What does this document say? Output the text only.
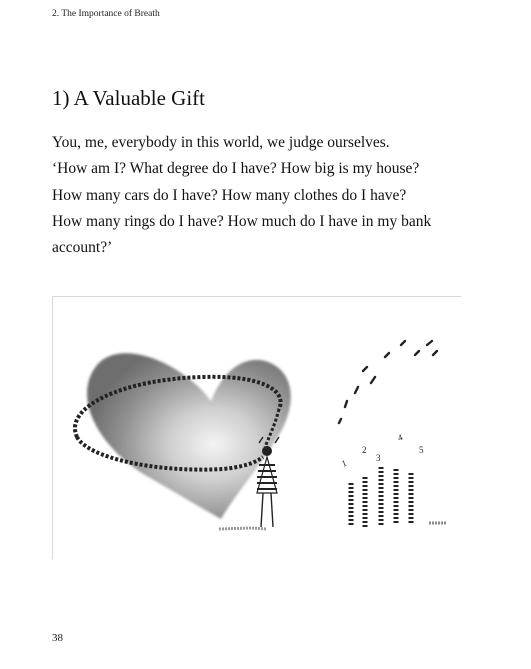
2. The Importance of Breath
1) A Valuable Gift

You, me, everybody in this world, we judge ourselves.
‘How am I? What degree do I have? How big is my house?
How many cars do I have? How many clothes do I have?
How many rings do I have? How much do I have in my bank
account?’

1
2
3
4
5
38
